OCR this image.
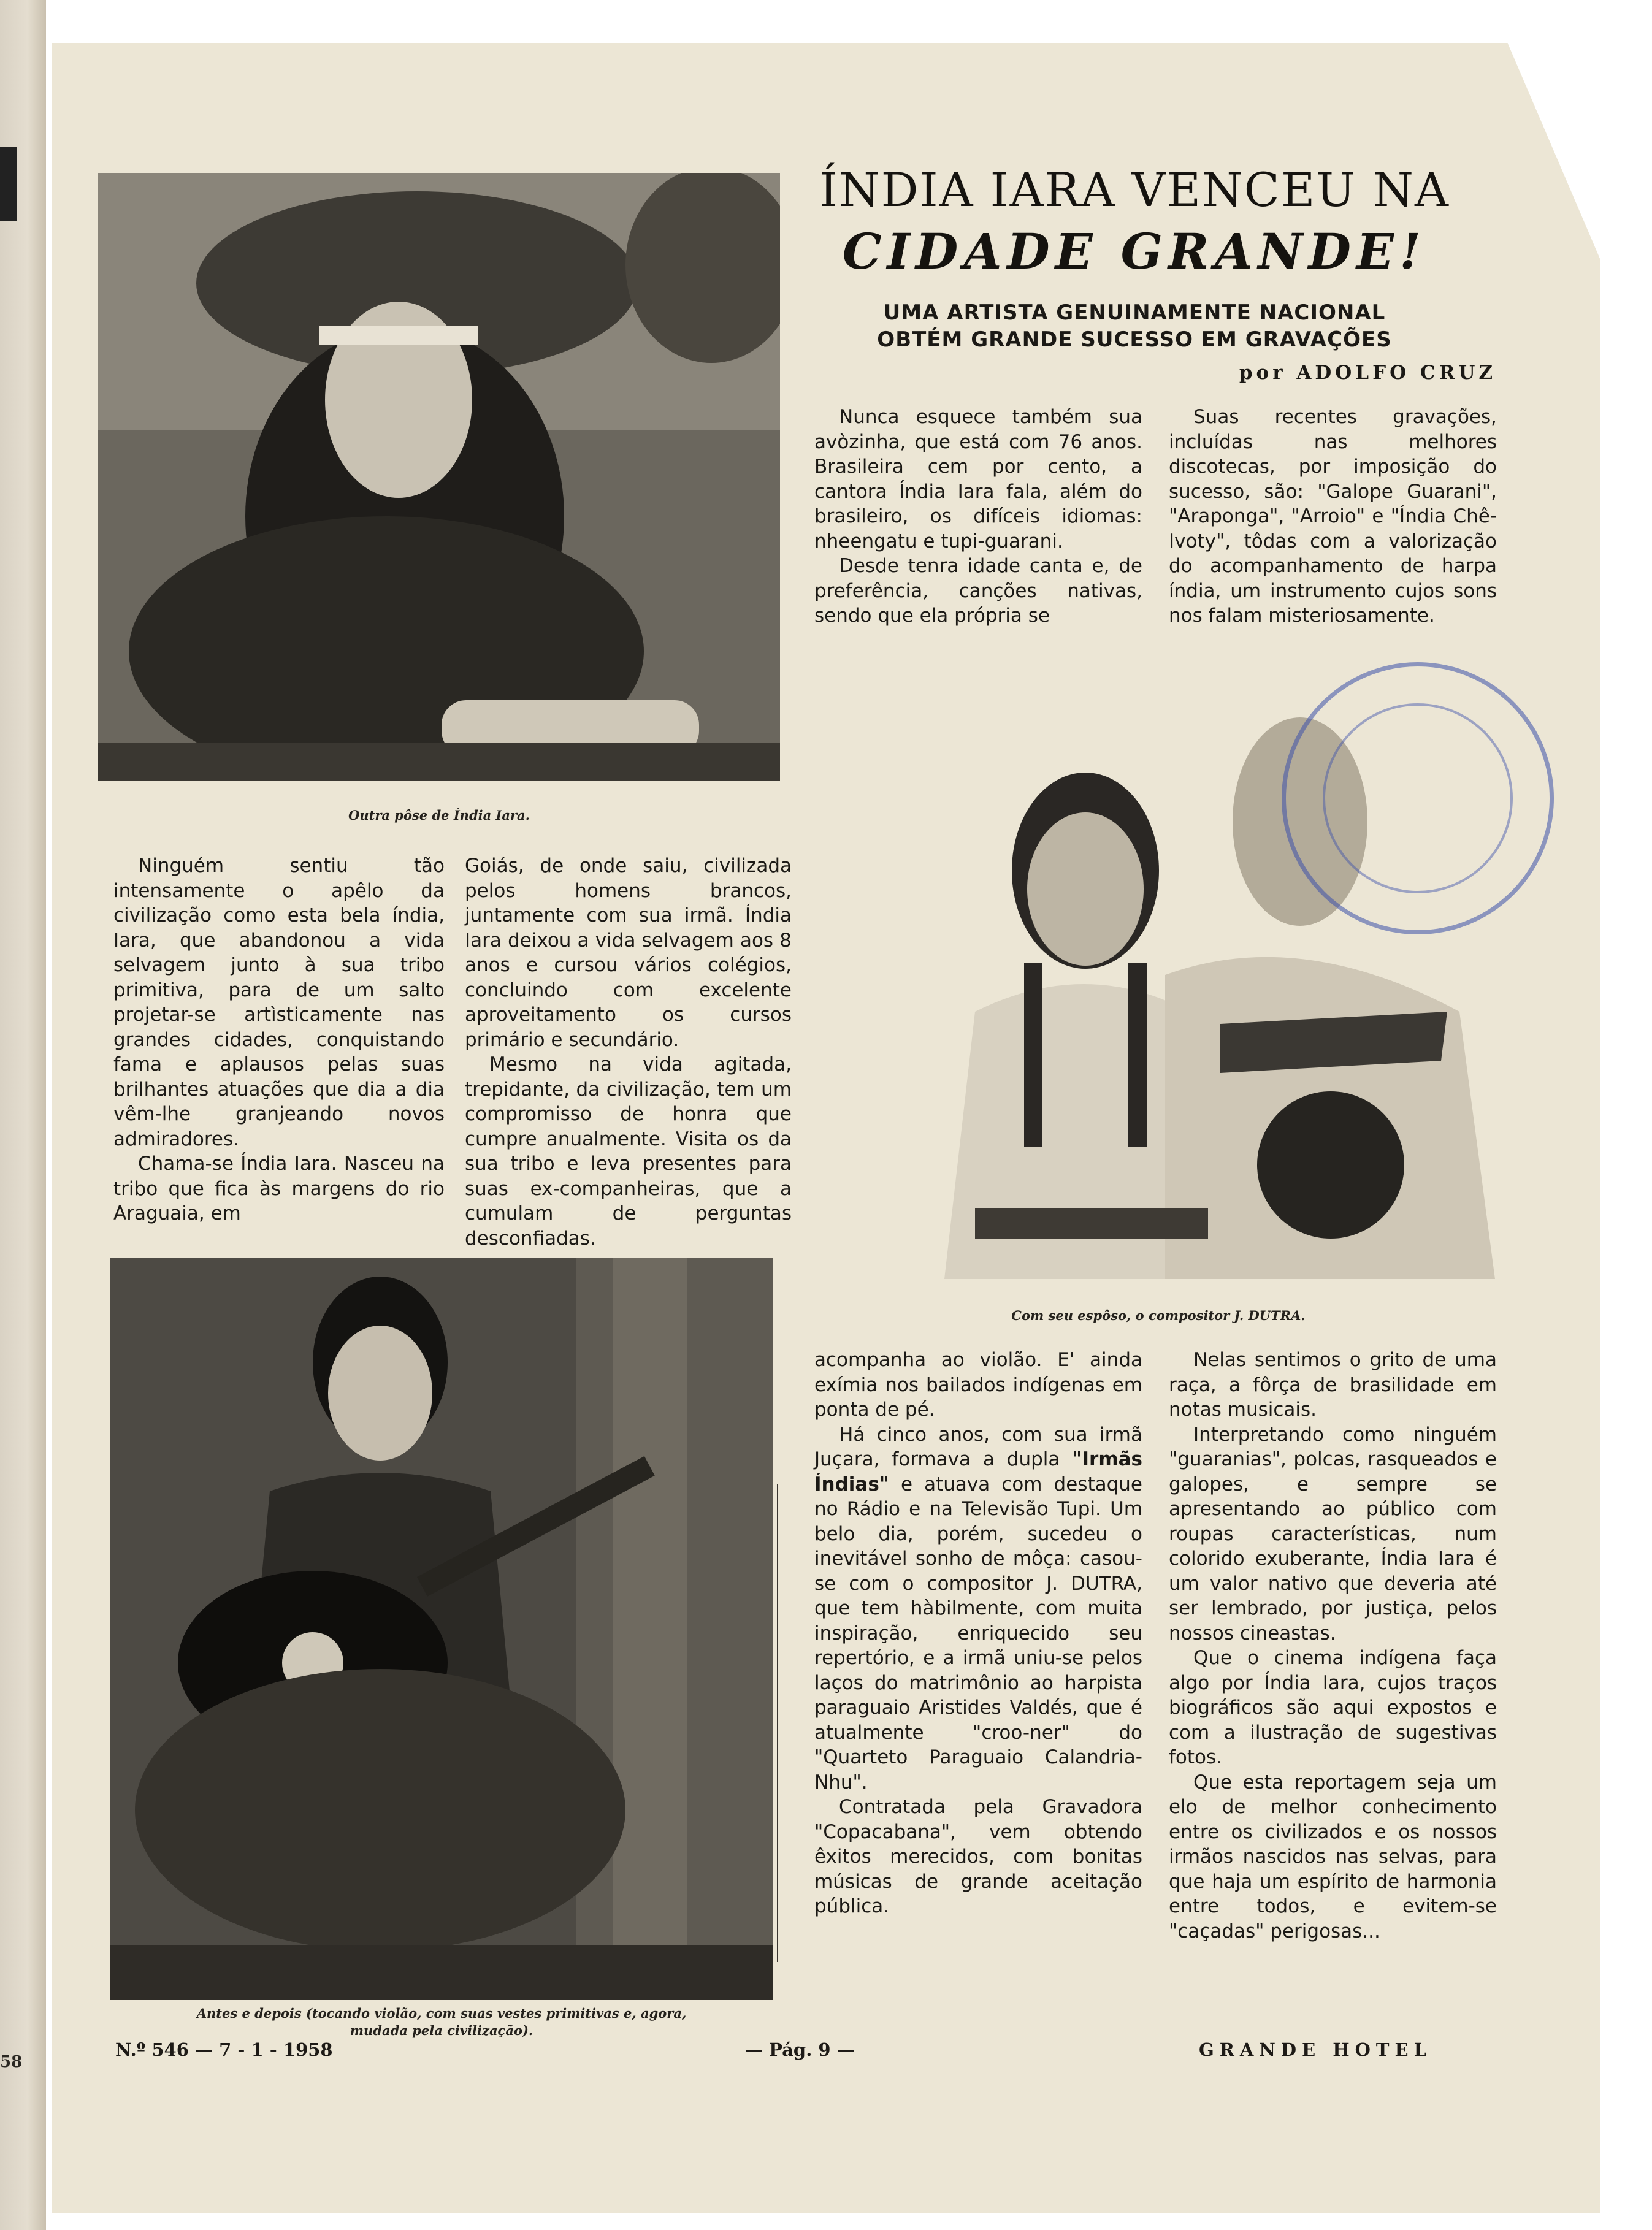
58
Outra pôse de Índia Iara.
ÍNDIA IARA VENCEU NA
CIDADE GRANDE!
UMA ARTISTA GENUINAMENTE NACIONAL
OBTÉM GRANDE SUCESSO EM GRAVAÇÕES
por ADOLFO CRUZ

Nunca esquece também sua avòzinha, que está com 76 anos. Brasileira cem por cento, a cantora Índia Iara fala, além do brasileiro, os difíceis idiomas: nheengatu e tupi-guarani.

Desde tenra idade canta e, de preferência, canções nativas, sendo que ela própria se

Suas recentes gravações, incluídas nas melhores discotecas, por imposição do sucesso, são: "Galope Guarani", "Araponga", "Arroio" e "Índia Chê-Ivoty", tôdas com a valorização do acompanhamento de harpa índia, um instrumento cujos sons nos falam misteriosamente.

Com seu espôso, o compositor J. DUTRA.

Ninguém sentiu tão intensamente o apêlo da civilização como esta bela índia, Iara, que abandonou a vida selvagem junto à sua tribo primitiva, para de um salto projetar-se artìsticamente nas grandes cidades, conquistando fama e aplausos pelas suas brilhantes atuações que dia a dia vêm-lhe granjeando novos admiradores.

Chama-se Índia Iara. Nasceu na tribo que fica às margens do rio Araguaia, em

Goiás, de onde saiu, civilizada pelos homens brancos, juntamente com sua irmã. Índia Iara deixou a vida selvagem aos 8 anos e cursou vários colégios, concluindo com excelente aproveitamento os cursos primário e secundário.

Mesmo na vida agitada, trepidante, da civilização, tem um compromisso de honra que cumpre anualmente. Visita os da sua tribo e leva presentes para suas ex-companheiras, que a cumulam de perguntas desconfiadas.

Antes e depois (tocando violão, com suas vestes primitivas e, agora,
mudada pela civilização).

acompanha ao violão. E' ainda exímia nos bailados indígenas em ponta de pé.

Há cinco anos, com sua irmã Juçara, formava a dupla "Irmãs Índias" e atuava com destaque no Rádio e na Televisão Tupi. Um belo dia, porém, sucedeu o inevitável sonho de môça: casou-se com o compositor J. DUTRA, que tem hàbilmente, com muita inspiração, enriquecido seu repertório, e a irmã uniu-se pelos laços do matrimônio ao harpista paraguaio Aristides Valdés, que é atualmente "croo-ner" do "Quarteto Paraguaio Calandria-Nhu".

Contratada pela Gravadora "Copacabana", vem obtendo êxitos merecidos, com bonitas músicas de grande aceitação pública.

Nelas sentimos o grito de uma raça, a fôrça de brasilidade em notas musicais.

Interpretando como ninguém "guaranias", polcas, rasqueados e galopes, e sempre se apresentando ao público com roupas características, num colorido exuberante, Índia Iara é um valor nativo que deveria até ser lembrado, por justiça, pelos nossos cineastas.

Que o cinema indígena faça algo por Índia Iara, cujos traços biográficos são aqui expostos e com a ilustração de sugestivas fotos.

Que esta reportagem seja um elo de melhor conhecimento entre os civilizados e os nossos irmãos nascidos nas selvas, para que haja um espírito de harmonia entre todos, e evitem-se "caçadas" perigosas...

N.º 546 — 7 - 1 - 1958	— Pág. 9 —	GRANDE HOTEL
